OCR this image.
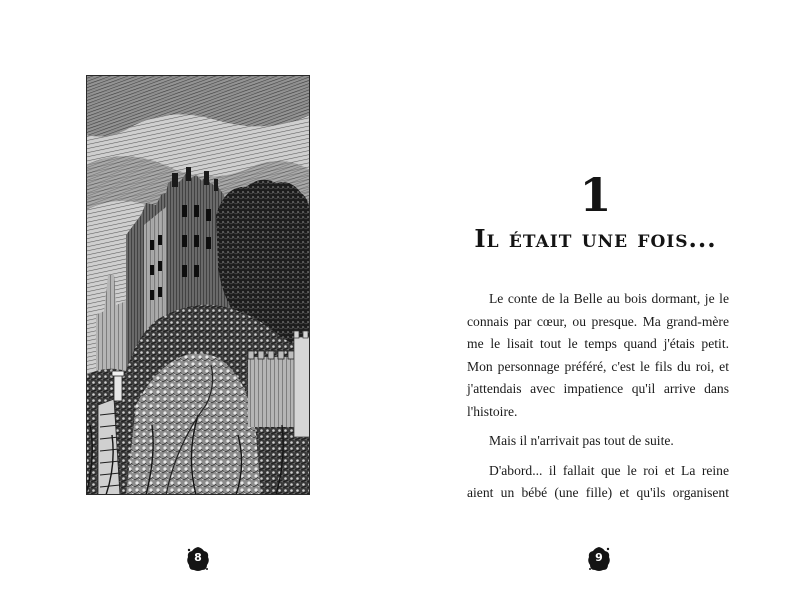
8
1
Il était une fois...

Le conte de la Belle au bois dormant, je le connais par cœur, ou presque. Ma grand-mère me le lisait tout le temps quand j'étais petit. Mon personnage préféré, c'est le fils du roi, et j'attendais avec impatience qu'il arrive dans l'histoire.

Mais il n'arrivait pas tout de suite.

D'abord... il fallait que le roi et La reine aient un bébé (une fille) et qu'ils organisent

9
